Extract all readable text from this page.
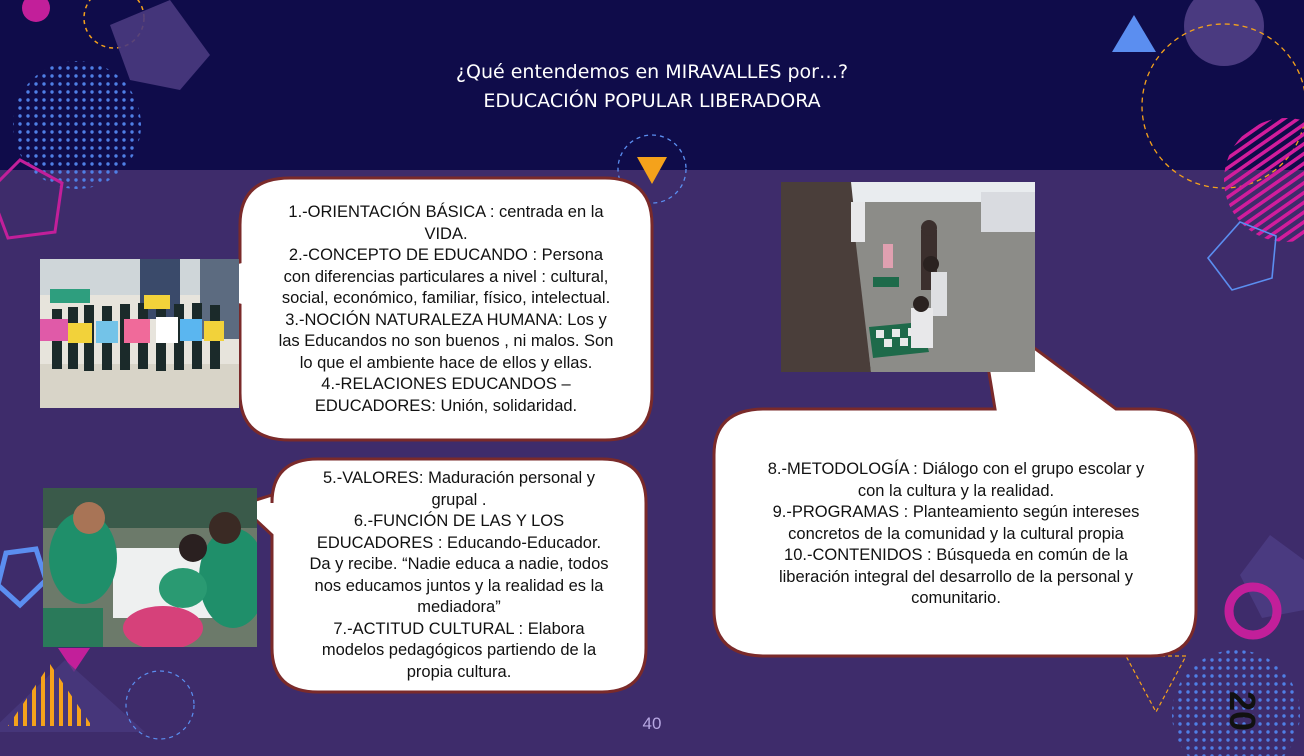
¿Qué entendemos en MIRAVALLES por…?
EDUCACIÓN POPULAR LIBERADORA
1.-ORIENTACIÓN BÁSICA : centrada en la
VIDA.
2.-CONCEPTO DE EDUCANDO : Persona
con diferencias particulares a nivel : cultural,
social, económico, familiar, físico, intelectual.
3.-NOCIÓN NATURALEZA HUMANA: Los y
las Educandos no son buenos , ni malos. Son
lo que el ambiente hace de ellos y ellas.
4.-RELACIONES EDUCANDOS –
EDUCADORES: Unión, solidaridad.
5.-VALORES: Maduración personal y
grupal .
6.-FUNCIÓN DE LAS Y LOS
EDUCADORES : Educando-Educador.
Da y recibe. “Nadie educa a nadie, todos
nos educamos juntos y la realidad es la
mediadora”
7.-ACTITUD CULTURAL : Elabora
modelos pedagógicos partiendo de la
propia cultura.
8.-METODOLOGÍA : Diálogo con el grupo escolar y
con la cultura y la realidad.
9.-PROGRAMAS : Planteamiento según intereses
concretos de la comunidad y la cultural propia
10.-CONTENIDOS : Búsqueda en común de la
liberación integral del desarrollo de la personal y
comunitario.
40	20
